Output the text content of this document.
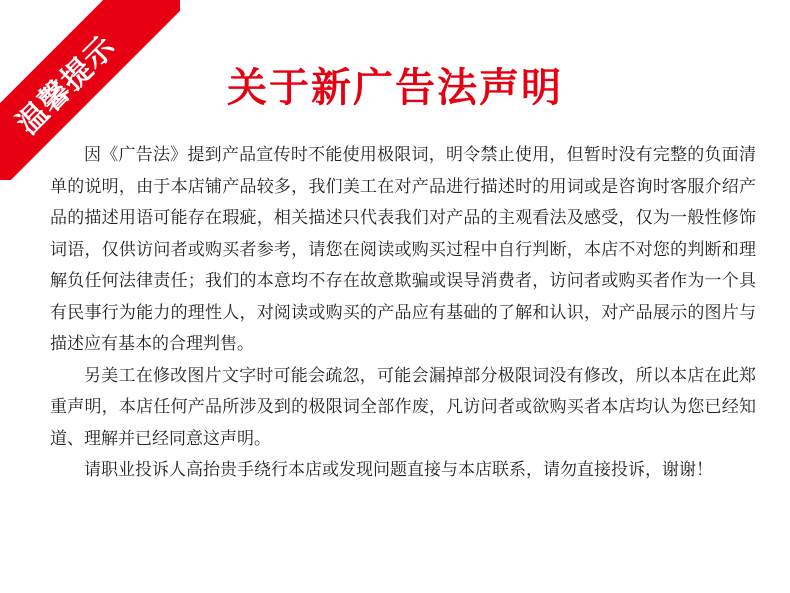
温馨提示	关于新广告法声明

因《广告法》提到产品宣传时不能使用极限词，明令禁止使用，但暂时没有完整的负面清单的说明，由于本店铺产品较多，我们美工在对产品进行描述时的用词或是咨询时客服介绍产品的描述用语可能存在瑕疵，相关描述只代表我们对产品的主观看法及感受，仅为一般性修饰词语，仅供访问者或购买者参考，请您在阅读或购买过程中自行判断，本店不对您的判断和理解负任何法律责任；我们的本意均不存在故意欺骗或误导消费者，访问者或购买者作为一个具有民事行为能力的理性人，对阅读或购买的产品应有基础的了解和认识，对产品展示的图片与描述应有基本的合理判售。

另美工在修改图片文字时可能会疏忽，可能会漏掉部分极限词没有修改，所以本店在此郑重声明，本店任何产品所涉及到的极限词全部作废，凡访问者或欲购买者本店均认为您已经知道、理解并已经同意这声明。

请职业投诉人高抬贵手绕行本店或发现问题直接与本店联系，请勿直接投诉，谢谢！
